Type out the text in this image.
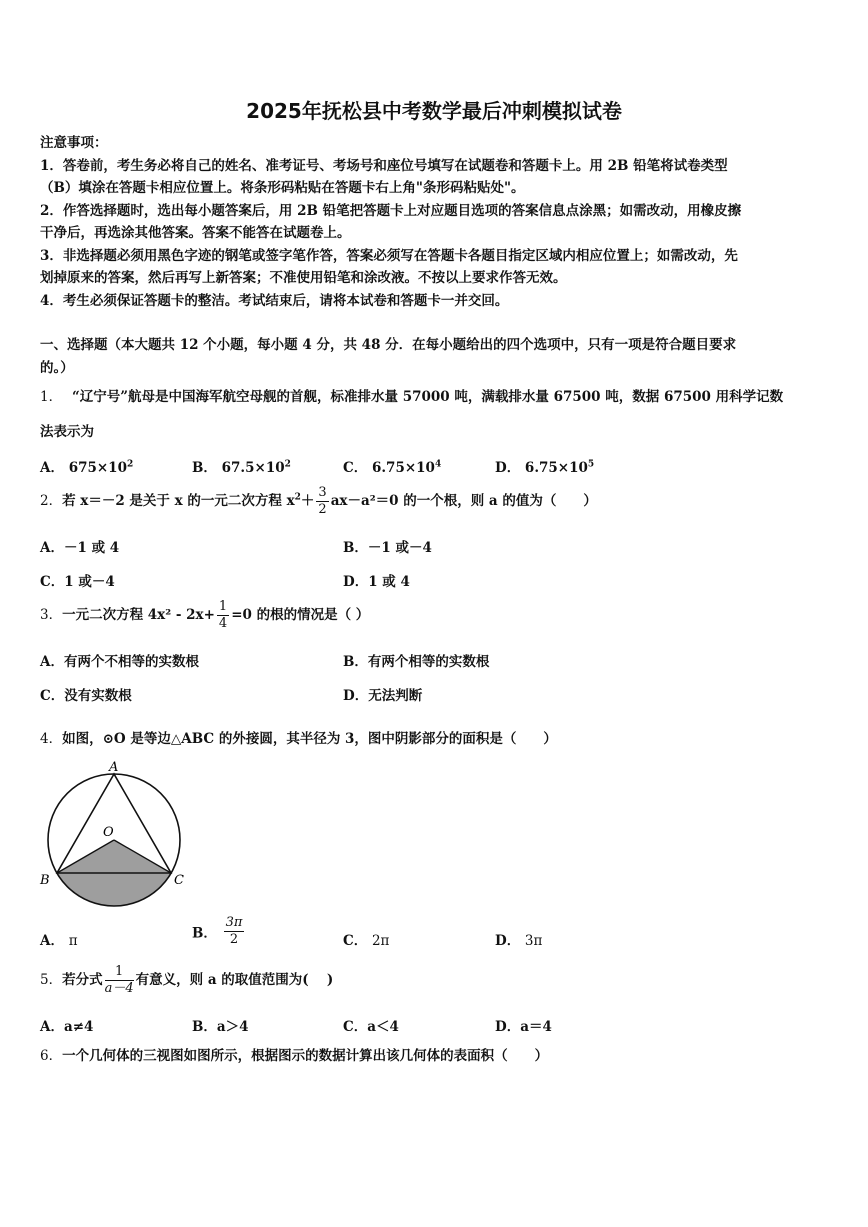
2025年抚松县中考数学最后冲刺模拟试卷
注意事项：
1．答卷前，考生务必将自己的姓名、准考证号、考场号和座位号填写在试题卷和答题卡上。用 2B 铅笔将试卷类型
（B）填涂在答题卡相应位置上。将条形码粘贴在答题卡右上角"条形码粘贴处"。
2．作答选择题时，选出每小题答案后，用 2B 铅笔把答题卡上对应题目选项的答案信息点涂黑；如需改动，用橡皮擦
干净后，再选涂其他答案。答案不能答在试题卷上。
3．非选择题必须用黑色字迹的钢笔或签字笔作答，答案必须写在答题卡各题目指定区域内相应位置上；如需改动，先
划掉原来的答案，然后再写上新答案；不准使用铅笔和涂改液。不按以上要求作答无效。
4．考生必须保证答题卡的整洁。考试结束后，请将本试卷和答题卡一并交回。
一、选择题（本大题共 12 个小题，每小题 4 分，共 48 分．在每小题给出的四个选项中，只有一项是符合题目要求
的。）
1． “辽宁号”航母是中国海军航空母舰的首舰，标准排水量 57000 吨，满载排水量 67500 吨，数据 67500 用科学记数
法表示为
A． $675\times 10^2$	B． $67.5\times 10^2$	C． $6.75\times 10^4$	D． $6.75\times 10^5$
2．若 x＝－2 是关于 x 的一元二次方程 $x^2+ \frac{3}{2} ax-a^2=0$ 的一个根，则 a 的值为（　　）
A．－1 或 4	B．－1 或－4
C．1 或－4	D．1 或 4
3．一元二次方程 $4x^2 - 2x+ \frac{1}{4} =0$ 的根的情况是（ ）
A．有两个不相等的实数根	B．有两个相等的实数根
C．没有实数根	D．无法判断
4．如图，⊙O 是等边△ABC 的外接圆，其半径为 3，图中阴影部分的面积是（　　）
A
O
B	C
A． π	B． $\frac{3\pi}{2}$	C． 2π	D． 3π
5．若分式 $\frac{1}{a-4}$ 有意义，则 a 的取值范围为(　 )
A．a≠4	B．a＞4	C．a＜4	D．a＝4
6．一个几何体的三视图如图所示，根据图示的数据计算出该几何体的表面积（　　）
